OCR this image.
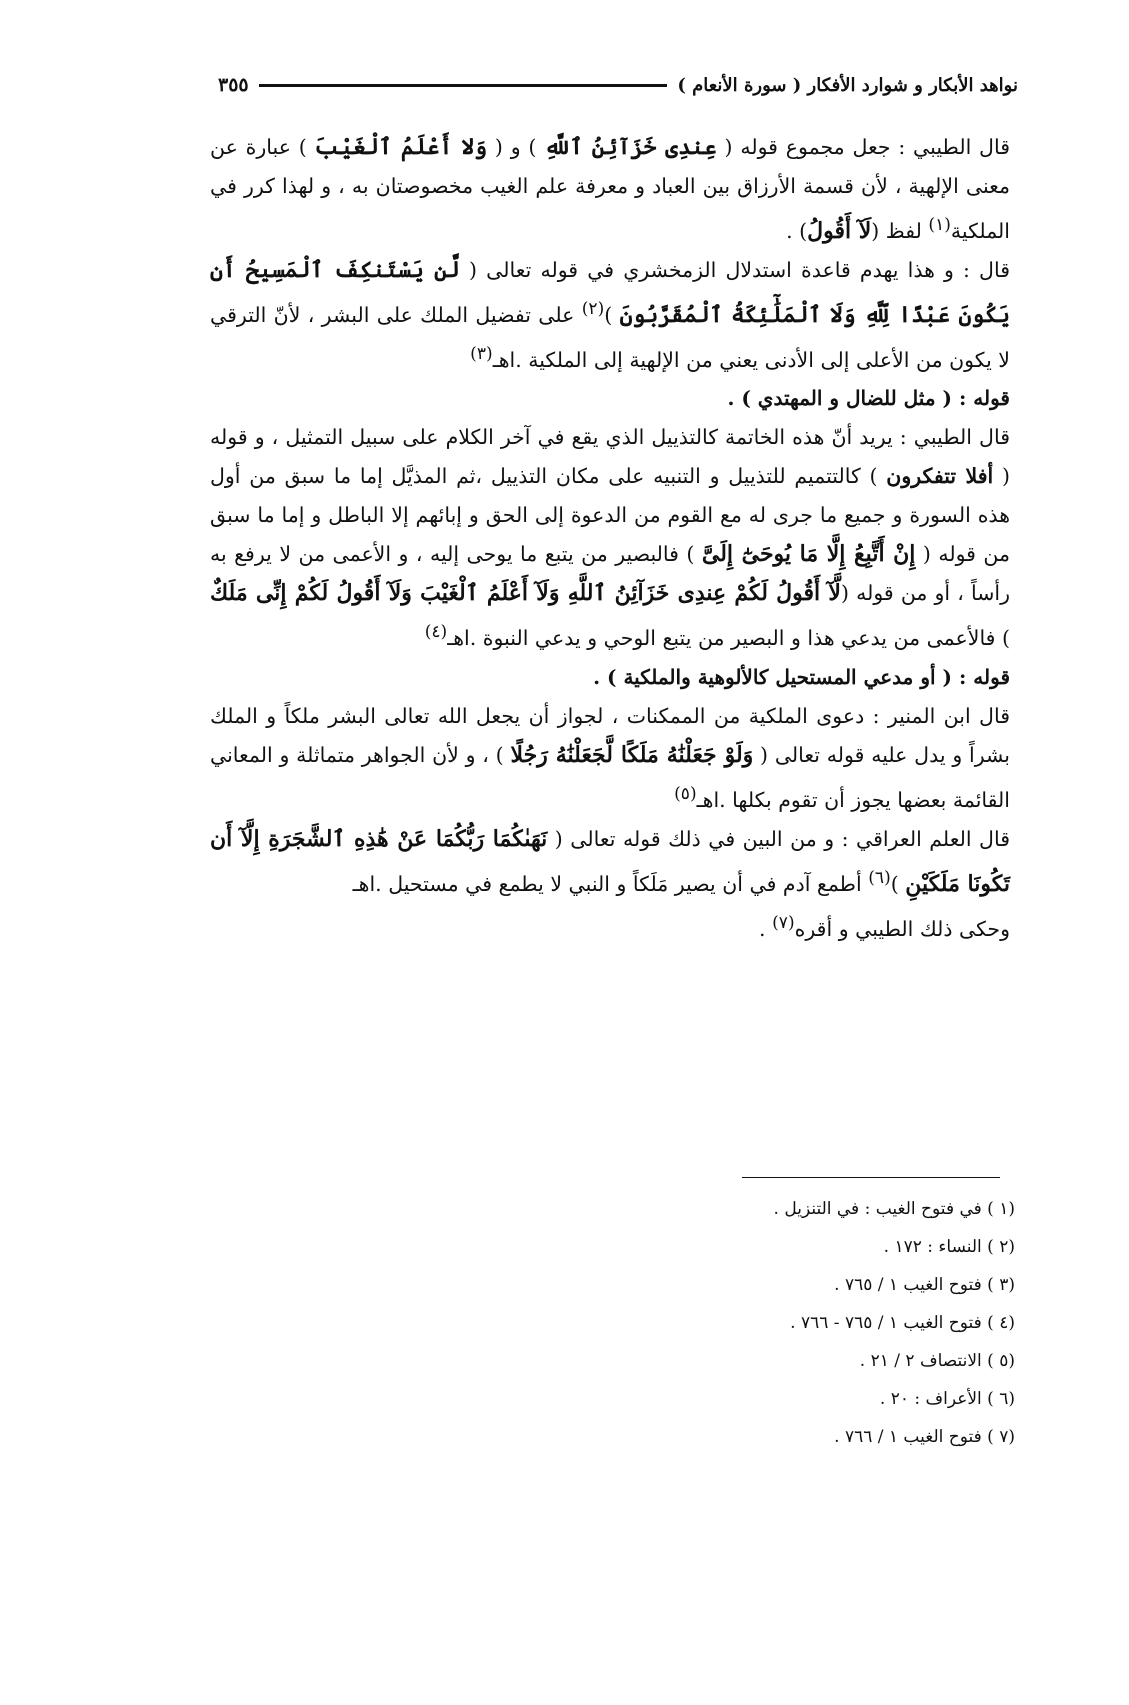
نواهد الأبكار و شوارد الأفكار ( سورة الأنعام )
٣٥٥

قال الطيبي : جعل مجموع قوله ( عِندِى خَزَآئِنُ ٱللَّهِ ) و ( وَلا أَعْلَمُ ٱلْغَيْبَ ) عبارة عن معنى الإلهية ، لأن قسمة الأرزاق بين العباد و معرفة علم الغيب مخصوصتان به ، و لهذا كرر في الملكية$^{(١)}$ لفظ (لَآ أَقُولُ) .

قال : و هذا يهدم قاعدة استدلال الزمخشري في قوله تعالى ( لَّن يَسْتَنكِفَ ٱلْمَسِيحُ أَن يَكُونَ عَبْدًا لِّلَّهِ وَلَا ٱلْمَلَٰٓئِكَةُ ٱلْمُقَرَّبُونَ )$^{(٢)}$ على تفضيل الملك على البشر ، لأنّ الترقي لا يكون من الأعلى إلى الأدنى يعني من الإلهية إلى الملكية .اهـ$^{(٣)}$

قوله : ( مثل للضال و المهتدي ) .

قال الطيبي : يريد أنّ هذه الخاتمة كالتذييل الذي يقع في آخر الكلام على سبيل التمثيل ، و قوله ( أفلا تتفكرون ) كالتتميم للتذييل و التنبيه على مكان التذييل ،ثم المذيَّل إما ما سبق من أول هذه السورة و جميع ما جرى له مع القوم من الدعوة إلى الحق و إبائهم إلا الباطل و إما ما سبق من قوله ( إِنْ أَتَّبِعُ إِلَّا مَا يُوحَىٰٓ إِلَىَّ ) فالبصير من يتبع ما يوحى إليه ، و الأعمى من لا يرفع به رأساً ، أو من قوله (لَّآ أَقُولُ لَكُمْ عِندِى خَزَآئِنُ ٱللَّهِ وَلَآ أَعْلَمُ ٱلْغَيْبَ وَلَآ أَقُولُ لَكُمْ إِنِّى مَلَكٌ ) فالأعمى من يدعي هذا و البصير من يتبع الوحي و يدعي النبوة .اهـ$^{(٤)}$

قوله : ( أو مدعي المستحيل كالألوهية والملكية ) .

قال ابن المنير : دعوى الملكية من الممكنات ، لجواز أن يجعل الله تعالى البشر ملكاً و الملك بشراً و يدل عليه قوله تعالى ( وَلَوْ جَعَلْنَٰهُ مَلَكًا لَّجَعَلْنَٰهُ رَجُلًا ) ، و لأن الجواهر متماثلة و المعاني القائمة بعضها يجوز أن تقوم بكلها .اهـ$^{(٥)}$

قال العلم العراقي : و من البين في ذلك قوله تعالى ( نَهَىٰكُمَا رَبُّكُمَا عَنْ هَٰذِهِ ٱلشَّجَرَةِ إِلَّآ أَن تَكُونَا مَلَكَيْنِ )$^{(٦)}$ أطمع آدم في أن يصير مَلَكاً و النبي لا يطمع في مستحيل .اهـ

وحكى ذلك الطيبي و أقره$^{(٧)}$ .

(١ ) في فتوح الغيب : في التنزيل .
(٢ ) النساء : ١٧٢ .
(٣ ) فتوح الغيب ١ / ٧٦٥ .
(٤ ) فتوح الغيب ١ / ٧٦٥ - ٧٦٦ .
(٥ ) الانتصاف ٢ / ٢١ .
(٦ ) الأعراف : ٢٠ .
(٧ ) فتوح الغيب ١ / ٧٦٦ .
